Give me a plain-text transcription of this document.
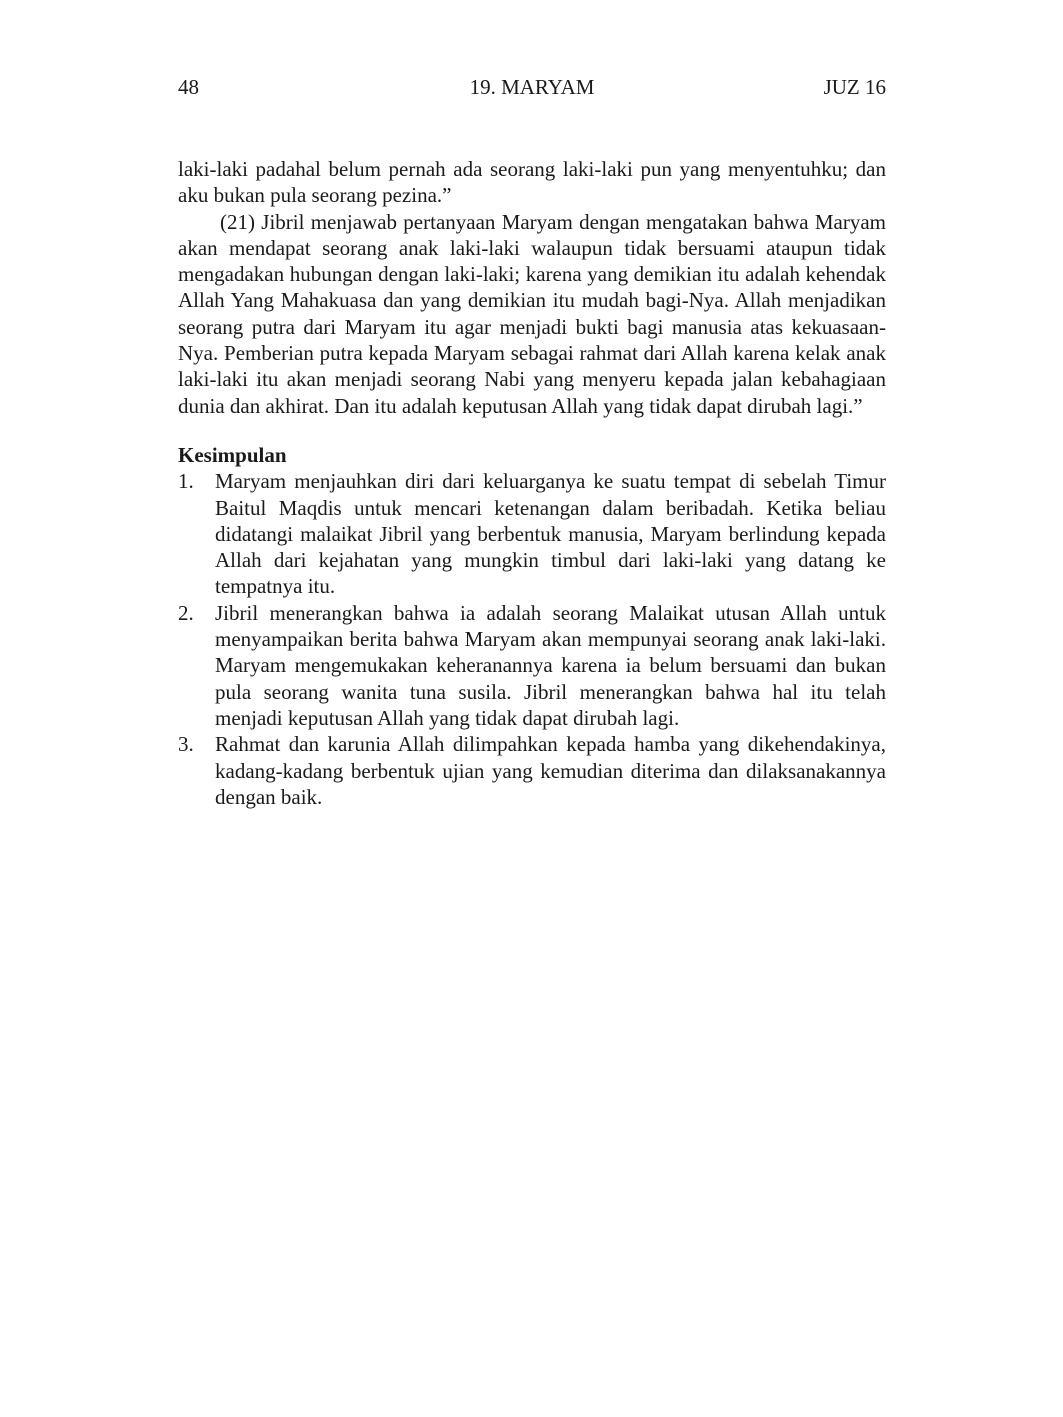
48	19. MARYAM	JUZ 16

laki-laki padahal belum pernah ada seorang laki-laki pun yang menyentuhku; dan aku bukan pula seorang pezina.”

(21) Jibril menjawab pertanyaan Maryam dengan mengatakan bahwa Maryam akan mendapat seorang anak laki-laki walaupun tidak bersuami ataupun tidak mengadakan hubungan dengan laki-laki; karena yang demikian itu adalah kehendak Allah Yang Mahakuasa dan yang demikian itu mudah bagi-Nya. Allah menjadikan seorang putra dari Maryam itu agar menjadi bukti bagi manusia atas kekuasaan-Nya. Pemberian putra kepada Maryam sebagai rahmat dari Allah karena kelak anak laki-laki itu akan menjadi seorang Nabi yang menyeru kepada jalan kebahagiaan dunia dan akhirat. Dan itu adalah keputusan Allah yang tidak dapat dirubah lagi.”

Kesimpulan
1. Maryam menjauhkan diri dari keluarganya ke suatu tempat di sebelah Timur Baitul Maqdis untuk mencari ketenangan dalam beribadah. Ketika beliau didatangi malaikat Jibril yang berbentuk manusia, Maryam berlindung kepada Allah dari kejahatan yang mungkin timbul dari laki-laki yang datang ke tempatnya itu.
2. Jibril menerangkan bahwa ia adalah seorang Malaikat utusan Allah untuk menyampaikan berita bahwa Maryam akan mempunyai seorang anak laki-laki. Maryam mengemukakan keheranannya karena ia belum bersuami dan bukan pula seorang wanita tuna susila. Jibril menerangkan bahwa hal itu telah menjadi keputusan Allah yang tidak dapat dirubah lagi.
3. Rahmat dan karunia Allah dilimpahkan kepada hamba yang dikehendakinya, kadang-kadang berbentuk ujian yang kemudian diterima dan dilaksanakannya dengan baik.
